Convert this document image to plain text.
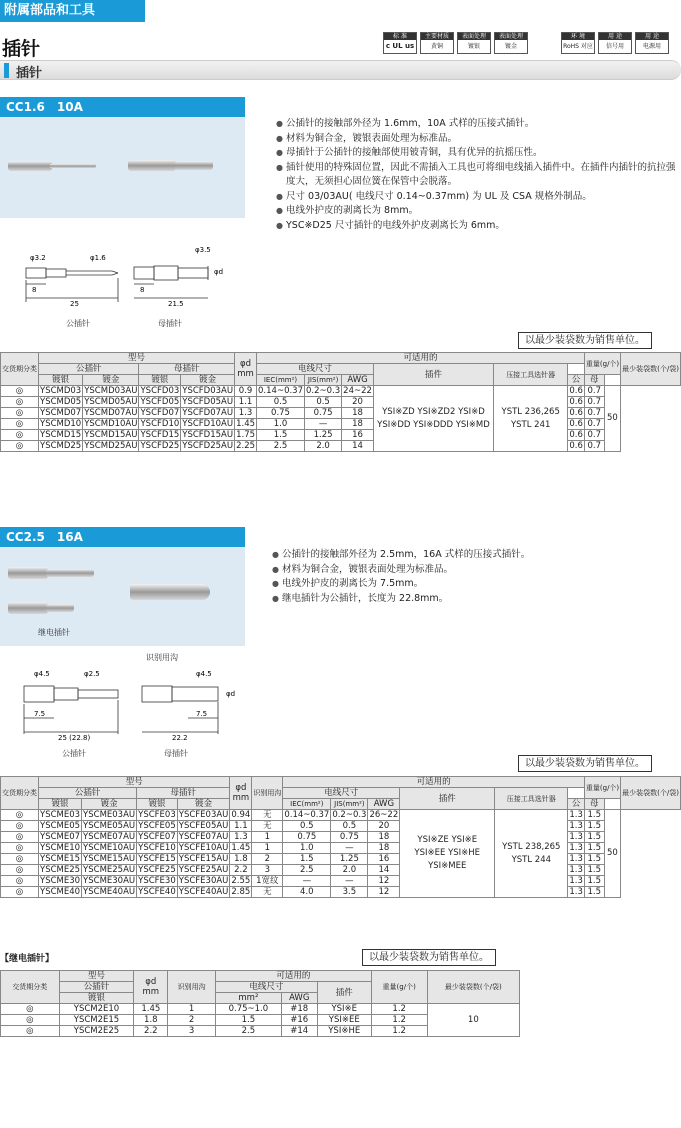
附属部品和工具
插针
标 准
c UL us
主要材质
黄铜
表面处理
镀银
表面处理
镀金
环 境
RoHS 对应
用 途
信号用
用 途
电源用
插针
CC1.6　10A
● 公插针的接触部外径为 1.6mm，10A 式样的压接式插针。
● 材料为铜合金，镀银表面处理为标准品。
● 母插针于公插针的接触部使用铍青铜，具有优异的抗摇压性。
● 插针使用的特殊固位置，因此不需插入工具也可将细电线插入插件中。在插件内插针的抗拉强度大，无须担心固位簧在保管中会脱落。
● 尺寸 03/03AU( 电线尺寸 0.14~0.37mm) 为 UL 及 CSA 规格外制品。
● 电线外护皮的剥离长为 8mm。
● YSC※D25 尺寸插针的电线外护皮剥离长为 6mm。
φ3.2	φ1.6
8
25
φ3.5
φd
8
21.5
公插针	母插针
以最少装袋数为销售单位。
交货期分类	型号				φd
mm	可适用的						重量(g/个)		最少装袋数(个/袋)
	公插针		母插针			电线尺寸			插件	压接工具选针器				
	镀银	镀金	镀银	镀金		IEC(mm²)	JIS(mm²)	AWG			公	母		
◎	YSCMD03	YSCMD03AU	YSCFD03	YSCFD03AU	0.9	0.14~0.37	0.2~0.3	24~22	YSI※ZD YSI※ZD2 YSI※D YSI※DD YSI※DDD YSI※MD	YSTL 236,265 YSTL 241	0.6	0.7	50	
◎	YSCMD05	YSCMD05AU	YSCFD05	YSCFD05AU	1.1	0.5	0.5	20			0.6	0.7		
◎	YSCMD07	YSCMD07AU	YSCFD07	YSCFD07AU	1.3	0.75	0.75	18			0.6	0.7		
◎	YSCMD10	YSCMD10AU	YSCFD10	YSCFD10AU	1.45	1.0	—	18			0.6	0.7		
◎	YSCMD15	YSCMD15AU	YSCFD15	YSCFD15AU	1.75	1.5	1.25	16			0.6	0.7		
◎	YSCMD25	YSCMD25AU	YSCFD25	YSCFD25AU	2.25	2.5	2.0	14			0.6	0.7		
CC2.5　16A
继电插针
● 公插针的接触部外径为 2.5mm，16A 式样的压接式插针。
● 材料为铜合金，镀银表面处理为标准品。
● 电线外护皮的剥离长为 7.5mm。
● 继电插针为公插针，长度为 22.8mm。
识别用沟
φ4.5	φ2.5
7.5
25 (22.8)
φ4.5
φd
7.5
22.2
公插针	母插针
以最少装袋数为销售单位。
交货期分类	型号				φd
mm	识别用沟	可适用的						重量(g/个)		最少装袋数(个/袋)
	公插针		母插针				电线尺寸			插件	压接工具选针器				
	镀银	镀金	镀银	镀金			IEC(mm²)	JIS(mm²)	AWG			公	母		
◎	YSCME03	YSCME03AU	YSCFE03	YSCFE03AU	0.94	无	0.14~0.37	0.2~0.3	26~22	YSI※ZE YSI※E YSI※EE YSI※HE YSI※MEE	YSTL 238,265 YSTL 244	1.3	1.5	50	
◎	YSCME05	YSCME05AU	YSCFE05	YSCFE05AU	1.1	无	0.5	0.5	20			1.3	1.5		
◎	YSCME07	YSCME07AU	YSCFE07	YSCFE07AU	1.3	1	0.75	0.75	18			1.3	1.5		
◎	YSCME10	YSCME10AU	YSCFE10	YSCFE10AU	1.45	1	1.0	—	18			1.3	1.5		
◎	YSCME15	YSCME15AU	YSCFE15	YSCFE15AU	1.8	2	1.5	1.25	16			1.3	1.5		
◎	YSCME25	YSCME25AU	YSCFE25	YSCFE25AU	2.2	3	2.5	2.0	14			1.3	1.5		
◎	YSCME30	YSCME30AU	YSCFE30	YSCFE30AU	2.55	1宽纹	—	—	12			1.3	1.5		
◎	YSCME40	YSCME40AU	YSCFE40	YSCFE40AU	2.85	无	4.0	3.5	12			1.3	1.5		
【继电插针】	以最少装袋数为销售单位。
交货期分类	型号	φd
mm	识别用沟	可适用的			重量(g/个)	最少装袋数(个/袋)
	公插针			电线尺寸		插件		
	镀银			mm²	AWG			
◎	YSCM2E10	1.45	1	0.75~1.0	#18	YSI※E	1.2	10
◎	YSCM2E15	1.8	2	1.5	#16	YSI※EE	1.2	
◎	YSCM2E25	2.2	3	2.5	#14	YSI※HE	1.2	
